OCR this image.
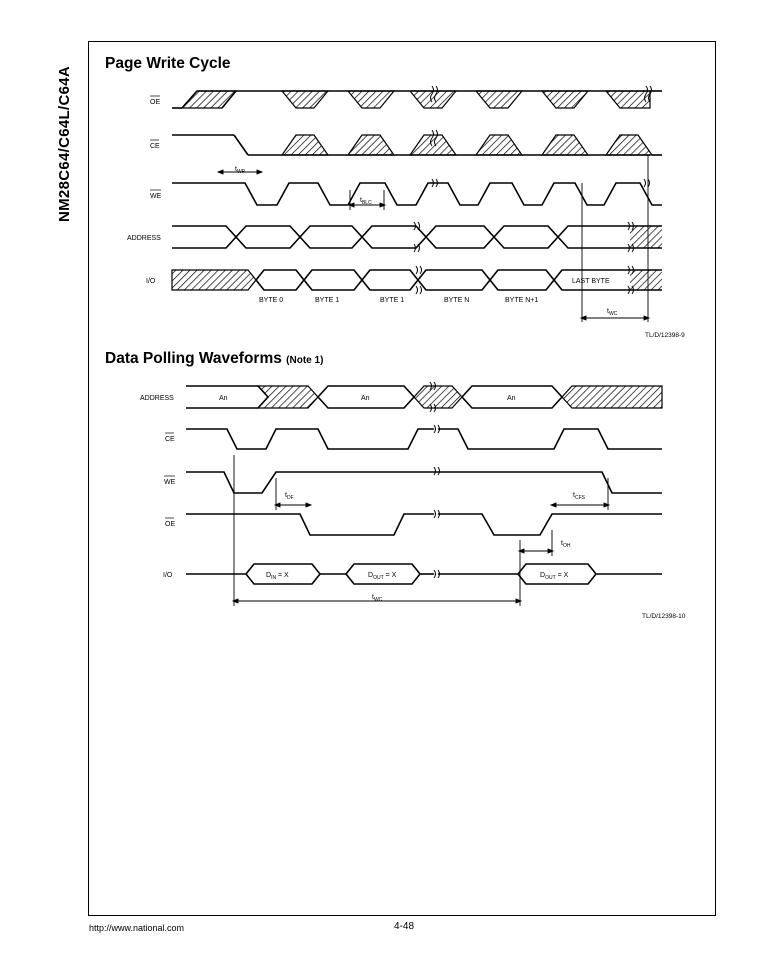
NM28C64/C64L/C64A
Page Write Cycle
Data Polling Waveforms (Note 1)
OE
CE
WE
ADDRESS
I/O
BYTE 0	BYTE 1	BYTE 1	BYTE N	BYTE N+1
LAST BYTE
$t_{WP}$
$t_{BLC}$
$t_{WC}$
TL/D/12398-9
ADDRESS
CE
WE
OE
I/O
An	An	An
$D_{IN} = X$	$D_{OUT} = X$	$D_{OUT} = X$
$t_{DF}$	$t_{CFS}$
$t_{OH}$
$t_{WC}$
TL/D/12398-10
http://www.national.com	4-48
